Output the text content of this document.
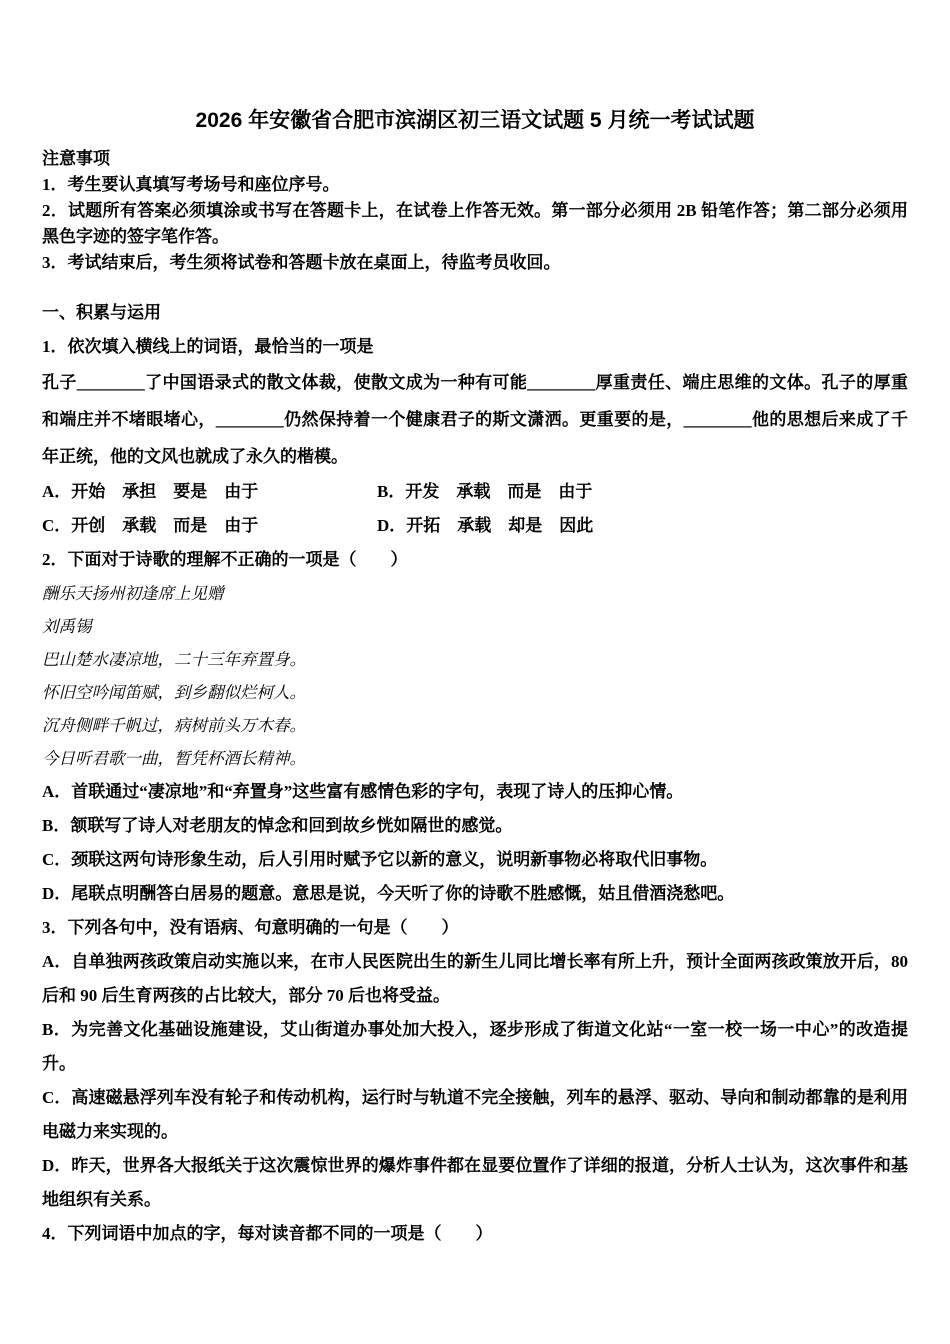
2026 年安徽省合肥市滨湖区初三语文试题 5 月统一考试试题

注意事项

1．考生要认真填写考场号和座位序号。

2．试题所有答案必须填涂或书写在答题卡上，在试卷上作答无效。第一部分必须用 2B 铅笔作答；第二部分必须用黑色字迹的签字笔作答。

3．考试结束后，考生须将试卷和答题卡放在桌面上，待监考员收回。

一、积累与运用

1．依次填入横线上的词语，最恰当的一项是

孔子________了中国语录式的散文体裁，使散文成为一种有可能________厚重责任、端庄思维的文体。孔子的厚重和端庄并不堵眼堵心，________仍然保持着一个健康君子的斯文潇洒。更重要的是，________他的思想后来成了千年正统，他的文风也就成了永久的楷模。

A．开始　承担　要是　由于	B．开发　承载　而是　由于
C．开创　承载　而是　由于	D．开拓　承载　却是　因此

2．下面对于诗歌的理解不正确的一项是（　　）

酬乐天扬州初逢席上见赠

刘禹锡

巴山楚水凄凉地，二十三年弃置身。

怀旧空吟闻笛赋，到乡翻似烂柯人。

沉舟侧畔千帆过，病树前头万木春。

今日听君歌一曲，暂凭杯酒长精神。

A．首联通过“凄凉地”和“弃置身”这些富有感情色彩的字句，表现了诗人的压抑心情。

B．颔联写了诗人对老朋友的悼念和回到故乡恍如隔世的感觉。

C．颈联这两句诗形象生动，后人引用时赋予它以新的意义，说明新事物必将取代旧事物。

D．尾联点明酬答白居易的题意。意思是说，今天听了你的诗歌不胜感慨，姑且借酒浇愁吧。

3．下列各句中，没有语病、句意明确的一句是（　　）

A．自单独两孩政策启动实施以来，在市人民医院出生的新生儿同比增长率有所上升，预计全面两孩政策放开后，80 后和 90 后生育两孩的占比较大，部分 70 后也将受益。

B．为完善文化基础设施建设，艾山街道办事处加大投入，逐步形成了街道文化站“一室一校一场一中心”的改造提升。

C．高速磁悬浮列车没有轮子和传动机构，运行时与轨道不完全接触，列车的悬浮、驱动、导向和制动都靠的是利用电磁力来实现的。

D．昨天，世界各大报纸关于这次震惊世界的爆炸事件都在显要位置作了详细的报道，分析人士认为，这次事件和基地组织有关系。

4．下列词语中加点的字，每对读音都不同的一项是（　　）
